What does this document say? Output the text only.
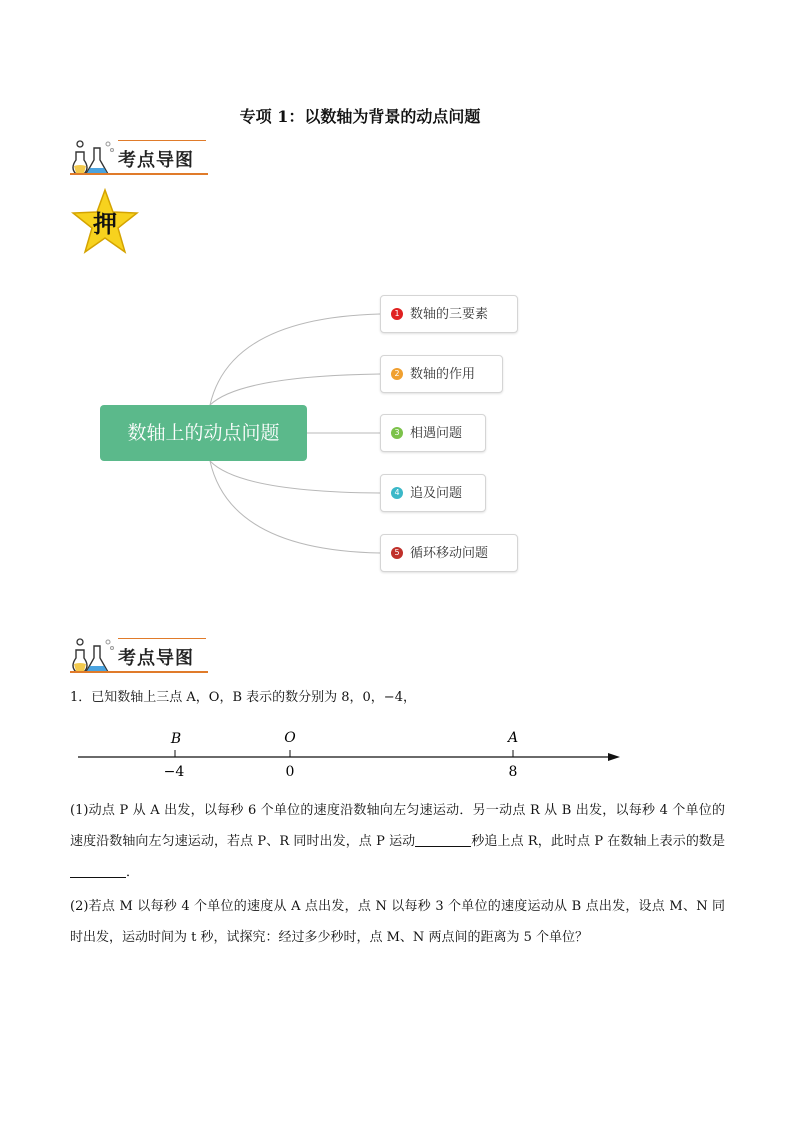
专项 1：以数轴为背景的动点问题
考点导图
押
数轴上的动点问题
1 数轴的三要素
2 数轴的作用
3 相遇问题
4 追及问题
5 循环移动问题
考点导图
1．已知数轴上三点 A，O，B 表示的数分别为 8，0，−4，
B	O	A
−4	0	8
(1)动点 P 从 A 出发，以每秒 6 个单位的速度沿数轴向左匀速运动．另一动点 R 从 B 出发，以每秒 4 个单位的速度沿数轴向左匀速运动，若点 P、R 同时出发，点 P 运动	秒追上点 R，此时点 P 在数轴上表示的数是．
(2)若点 M 以每秒 4 个单位的速度从 A 点出发，点 N 以每秒 3 个单位的速度运动从 B 点出发，设点 M、N 同时出发，运动时间为 t 秒，试探究：经过多少秒时，点 M、N 两点间的距离为 5 个单位？
